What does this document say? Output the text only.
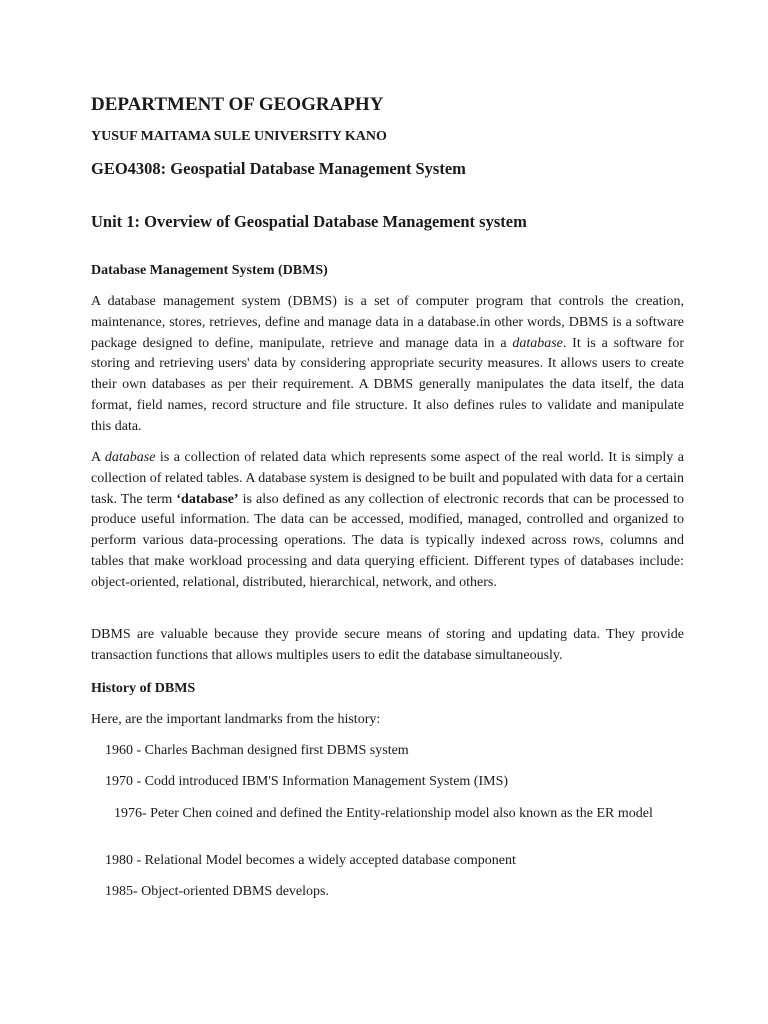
DEPARTMENT OF GEOGRAPHY
YUSUF MAITAMA SULE UNIVERSITY KANO
GEO4308: Geospatial Database Management System
Unit 1: Overview of Geospatial Database Management system
Database Management System (DBMS)
A database management system (DBMS) is a set of computer program that controls the creation, maintenance, stores, retrieves, define and manage data in a database.in other words, DBMS is a software package designed to define, manipulate, retrieve and manage data in a database. It is a software for storing and retrieving users' data by considering appropriate security measures. It allows users to create their own databases as per their requirement. A DBMS generally manipulates the data itself, the data format, field names, record structure and file structure. It also defines rules to validate and manipulate this data.
A database is a collection of related data which represents some aspect of the real world. It is simply a collection of related tables. A database system is designed to be built and populated with data for a certain task. The term ‘database’ is also defined as any collection of electronic records that can be processed to produce useful information. The data can be accessed, modified, managed, controlled and organized to perform various data-processing operations. The data is typically indexed across rows, columns and tables that make workload processing and data querying efficient. Different types of databases include: object-oriented, relational, distributed, hierarchical, network, and others.
DBMS are valuable because they provide secure means of storing and updating data. They provide transaction functions that allows multiples users to edit the database simultaneously.
History of DBMS
Here, are the important landmarks from the history:
1960 - Charles Bachman designed first DBMS system
1970 - Codd introduced IBM'S Information Management System (IMS)
1976- Peter Chen coined and defined the Entity-relationship model also known as the ER model
1980 - Relational Model becomes a widely accepted database component
1985- Object-oriented DBMS develops.
